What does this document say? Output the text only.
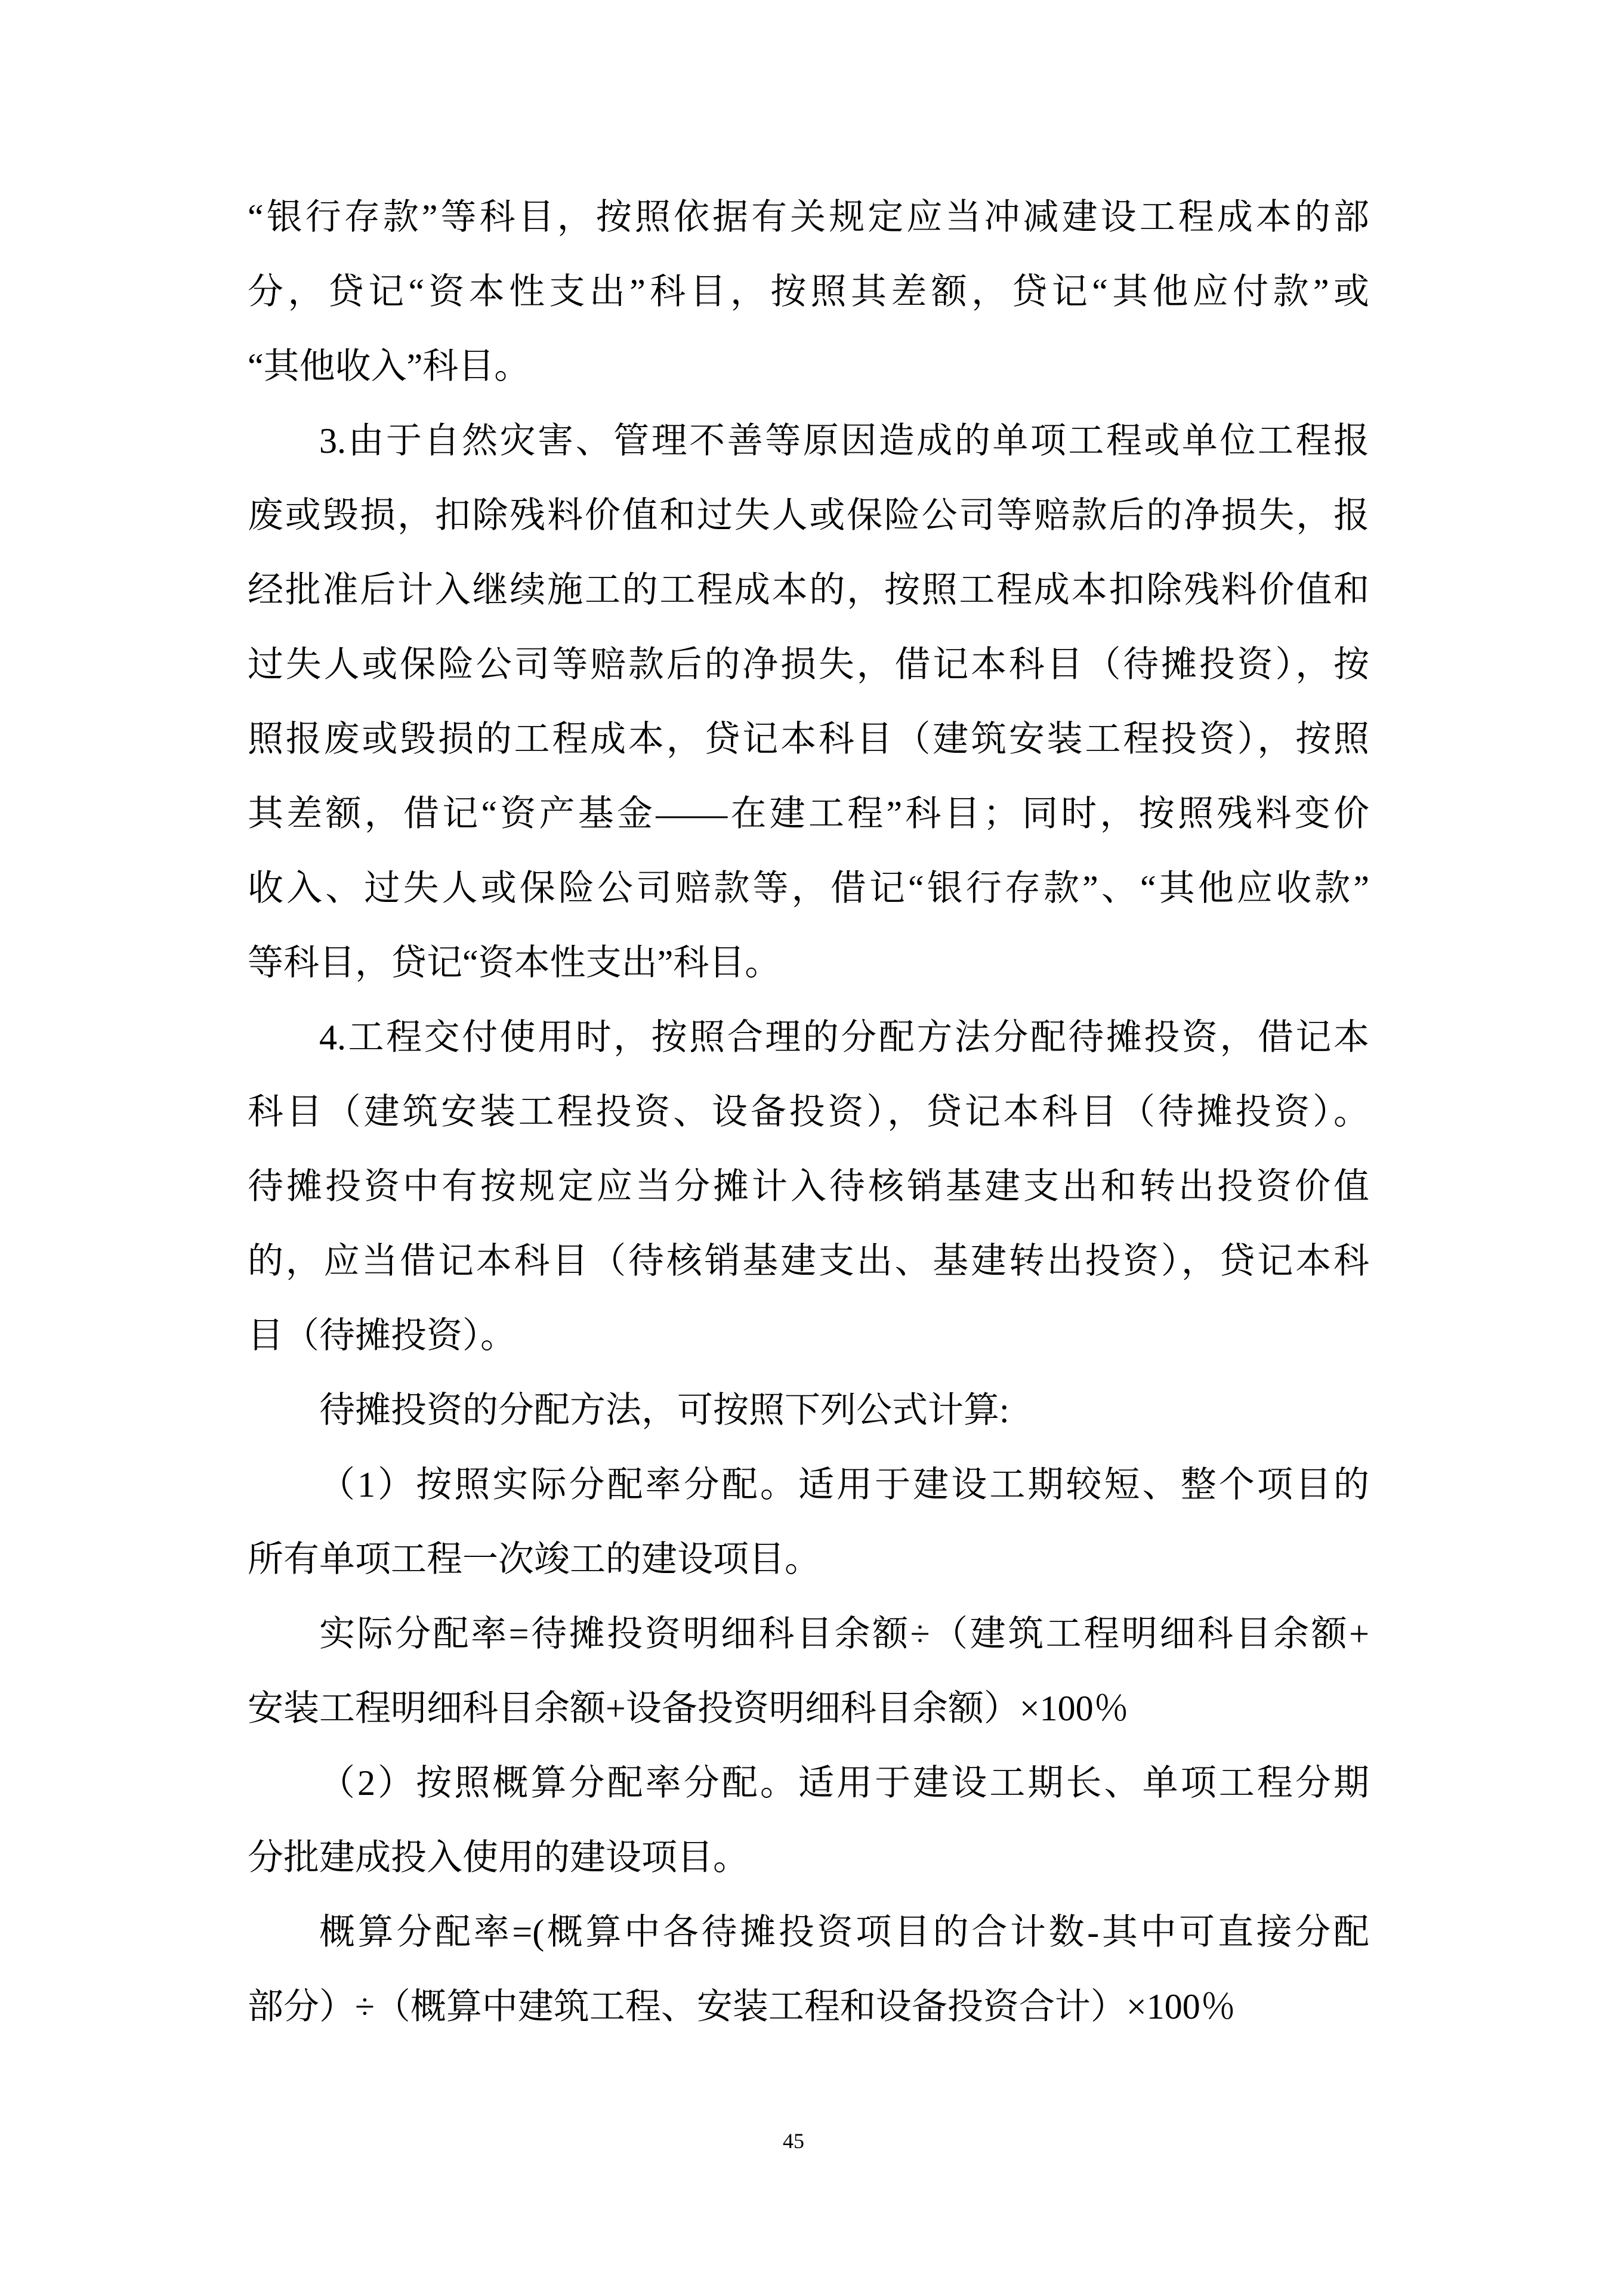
“银行存款”等科目，按照依据有关规定应当冲减建设工程成本的部
分，贷记“资本性支出”科目，按照其差额，贷记“其他应付款”或
“其他收入”科目。
3.由于自然灾害、管理不善等原因造成的单项工程或单位工程报
废或毁损，扣除残料价值和过失人或保险公司等赔款后的净损失，报
经批准后计入继续施工的工程成本的，按照工程成本扣除残料价值和
过失人或保险公司等赔款后的净损失，借记本科目（待摊投资），按
照报废或毁损的工程成本，贷记本科目（建筑安装工程投资），按照
其差额，借记“资产基金——在建工程”科目；同时，按照残料变价
收入、过失人或保险公司赔款等，借记“银行存款”、“其他应收款”
等科目，贷记“资本性支出”科目。
4.工程交付使用时，按照合理的分配方法分配待摊投资，借记本
科目（建筑安装工程投资、设备投资），贷记本科目（待摊投资）。
待摊投资中有按规定应当分摊计入待核销基建支出和转出投资价值
的，应当借记本科目（待核销基建支出、基建转出投资），贷记本科
目（待摊投资）。
待摊投资的分配方法，可按照下列公式计算:
（1）按照实际分配率分配。适用于建设工期较短、整个项目的
所有单项工程一次竣工的建设项目。
实际分配率=待摊投资明细科目余额÷（建筑工程明细科目余额+
安装工程明细科目余额+设备投资明细科目余额）×100％
（2）按照概算分配率分配。适用于建设工期长、单项工程分期
分批建成投入使用的建设项目。
概算分配率=(概算中各待摊投资项目的合计数-其中可直接分配
部分）÷（概算中建筑工程、安装工程和设备投资合计）×100％
45
